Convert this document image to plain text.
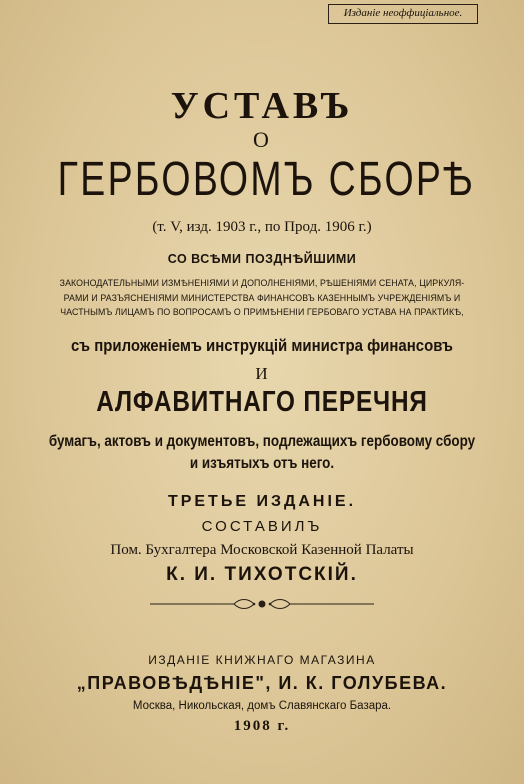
Изданiе неоффицiальное.
УСТАВЪ
О
ГЕРБОВОМЪ СБОРѢ
(т. V, изд. 1903 г., по Прод. 1906 г.)
СО ВСѢМИ ПОЗДНѢЙШИМИ
ЗАКОНОДАТЕЛЬНЫМИ ИЗМѢНЕНIЯМИ И ДОПОЛНЕНIЯМИ, РѢШЕНIЯМИ СЕНАТА, ЦИРКУЛЯ-
РАМИ И РАЗЪЯСНЕНIЯМИ МИНИСТЕРСТВА ФИНАНСОВЪ КАЗЕННЫМЪ УЧРЕЖДЕНIЯМЪ И
ЧАСТНЫМЪ ЛИЦАМЪ ПО ВОПРОСАМЪ О ПРИМѢНЕНIИ ГЕРБОВАГО УСТАВА НА ПРАКТИКѢ,
съ приложенiемъ инструкцiй министра финансовъ
И
АЛФАВИТНАГО ПЕРЕЧНЯ
бумагъ, актовъ и документовъ, подлежащихъ гербовому сбору
и изъятыхъ отъ него.
ТРЕТЬЕ ИЗДАНIЕ.
СОСТАВИЛЪ
Пом. Бухгалтера Московской Казенной Палаты
К. И. ТИХОТСКIЙ.
ИЗДАНIЕ КНИЖНАГО МАГАЗИНА
„ПРАВОВѢДѢНIЕ", И. К. ГОЛУБЕВА.
Москва, Никольская, домъ Славянскаго Базара.
1908 г.
